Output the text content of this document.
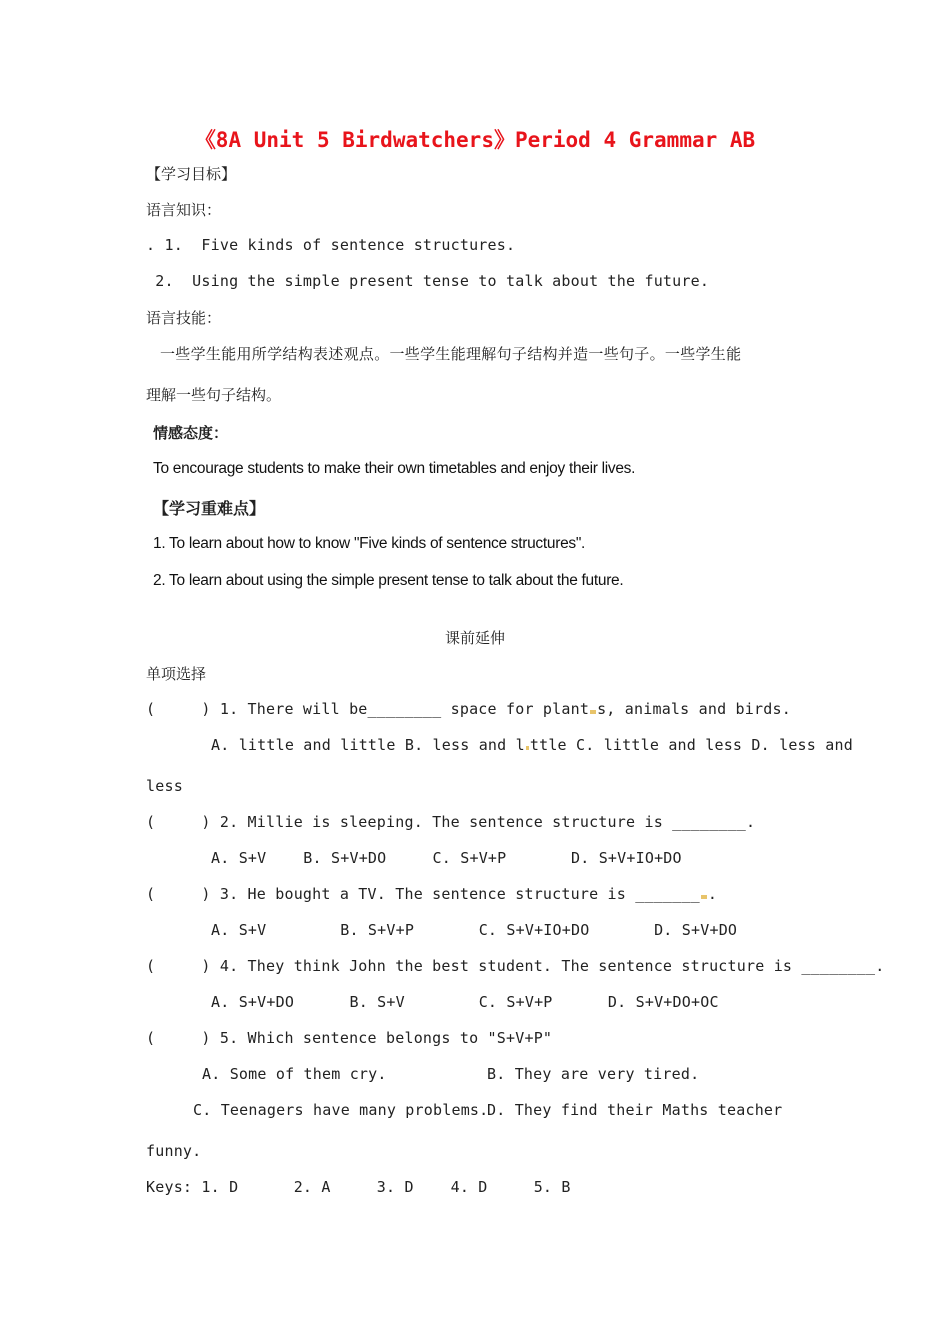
《8A Unit 5 Birdwatchers》Period 4 Grammar AB
【学习目标】
语言知识：
. 1.  Five kinds of sentence structures.
2.  Using the simple present tense to talk about the future.
语言技能：
一些学生能用所学结构表述观点。一些学生能理解句子结构并造一些句子。一些学生能
理解一些句子结构。
情感态度：
To encourage students to make their own timetables and enjoy their lives.
【学习重难点】
1. To learn about how to know "Five kinds of sentence structures".
2. To learn about using the simple present tense to talk about the future.
课前延伸
单项选择
(     ) 1. There will be________ space for plant s, animals and birds.
A. little and little B. less and l ttle C. little and less D. less and
less
(     ) 2. Millie is sleeping. The sentence structure is ________.
A. S+V    B. S+V+DO     C. S+V+P       D. S+V+IO+DO
(     ) 3. He bought a TV. The sentence structure is _______ .
A. S+V        B. S+V+P       C. S+V+IO+DO       D. S+V+DO
(     ) 4. They think John the best student. The sentence structure is ________.
A. S+V+DO      B. S+V        C. S+V+P      D. S+V+DO+OC
(     ) 5. Which sentence belongs to "S+V+P"
A. Some of them cry.	B. They are very tired.
C. Teenagers have many problems.
D. They find their Maths teacher
funny.
Keys: 1. D      2. A     3. D    4. D     5. B
